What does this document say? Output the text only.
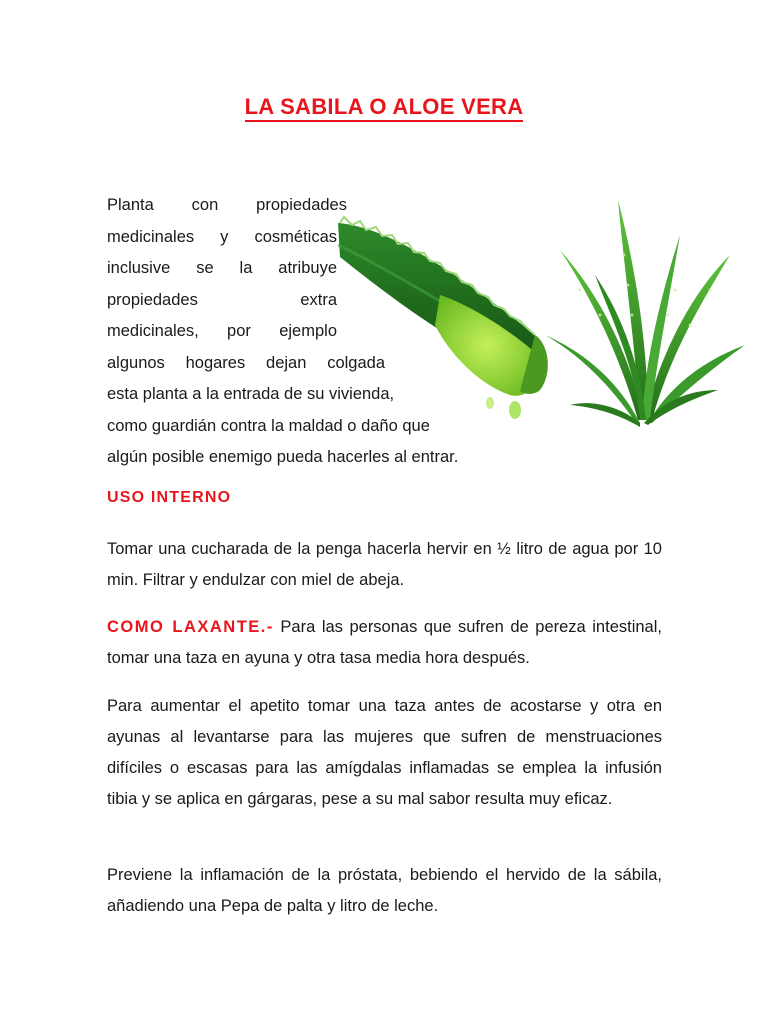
LA SABILA O ALOE VERA
Planta con propiedades
medicinales y cosméticas
inclusive se la atribuye
propiedades extra
medicinales, por ejemplo
algunos hogares dejan colgada
esta planta a la entrada de su vivienda,
como guardián contra la maldad o daño que
algún posible enemigo pueda hacerles al entrar.
USO INTERNO

Tomar una cucharada de la penga hacerla hervir en ½ litro de agua por 10 min. Filtrar y endulzar con miel de abeja.

COMO LAXANTE.- Para las personas que sufren de pereza intestinal, tomar una taza en ayuna y otra tasa media hora después.

Para aumentar el apetito tomar una taza antes de acostarse y otra en ayunas al levantarse para las mujeres que sufren de menstruaciones difíciles o escasas para las amígdalas inflamadas se emplea la infusión tibia y se aplica en gárgaras, pese a su mal sabor resulta muy eficaz.

Previene la inflamación de la próstata, bebiendo el hervido de la sábila, añadiendo una Pepa de palta y litro de leche.
